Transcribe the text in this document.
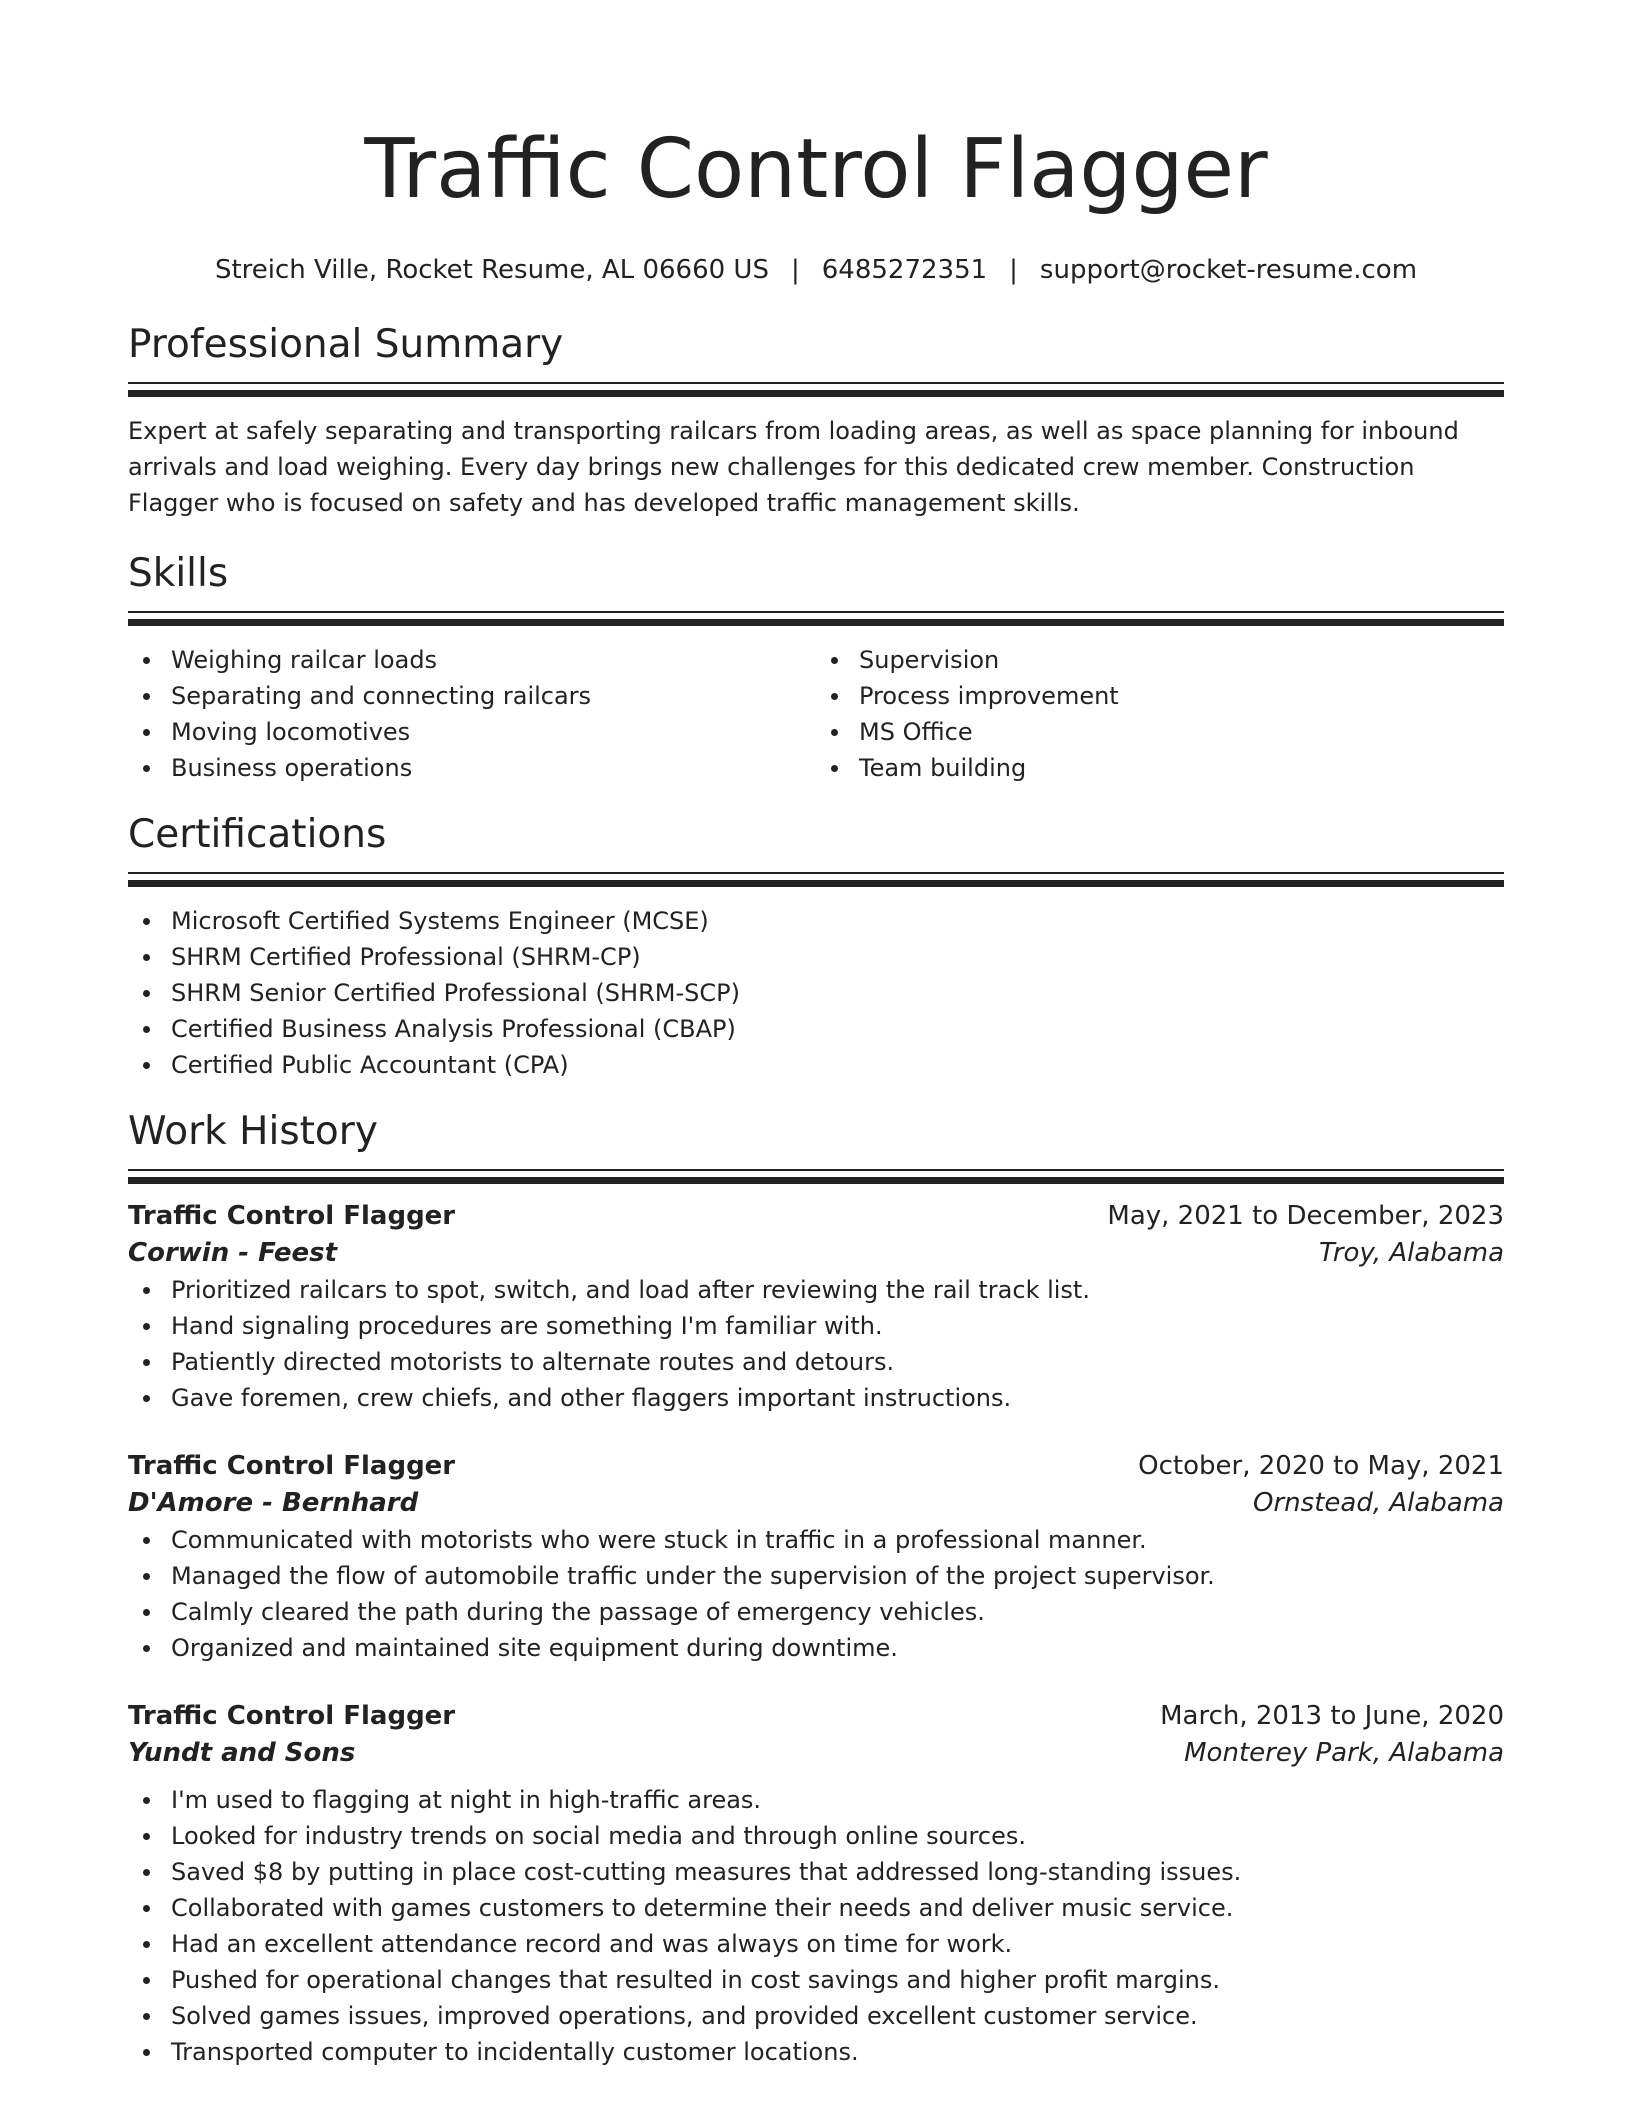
Traffic Control Flagger
Streich Ville, Rocket Resume, AL 06660 US | 6485272351 | support@rocket-resume.com
Professional Summary

Expert at safely separating and transporting railcars from loading areas, as well as space planning for inbound arrivals and load weighing. Every day brings new challenges for this dedicated crew member. Construction Flagger who is focused on safety and has developed traffic management skills.

Skills
Weighing railcar loads
Separating and connecting railcars
Moving locomotives
Business operations
Supervision
Process improvement
MS Office
Team building
Certifications
Microsoft Certified Systems Engineer (MCSE)
SHRM Certified Professional (SHRM-CP)
SHRM Senior Certified Professional (SHRM-SCP)
Certified Business Analysis Professional (CBAP)
Certified Public Accountant (CPA)
Work History
Traffic Control Flagger	May, 2021 to December, 2023
Corwin - Feest	Troy, Alabama
Prioritized railcars to spot, switch, and load after reviewing the rail track list.
Hand signaling procedures are something I'm familiar with.
Patiently directed motorists to alternate routes and detours.
Gave foremen, crew chiefs, and other flaggers important instructions.
Traffic Control Flagger	October, 2020 to May, 2021
D'Amore - Bernhard	Ornstead, Alabama
Communicated with motorists who were stuck in traffic in a professional manner.
Managed the flow of automobile traffic under the supervision of the project supervisor.
Calmly cleared the path during the passage of emergency vehicles.
Organized and maintained site equipment during downtime.
Traffic Control Flagger	March, 2013 to June, 2020
Yundt and Sons	Monterey Park, Alabama
I'm used to flagging at night in high-traffic areas.
Looked for industry trends on social media and through online sources.
Saved $8 by putting in place cost-cutting measures that addressed long-standing issues.
Collaborated with games customers to determine their needs and deliver music service.
Had an excellent attendance record and was always on time for work.
Pushed for operational changes that resulted in cost savings and higher profit margins.
Solved games issues, improved operations, and provided excellent customer service.
Transported computer to incidentally customer locations.
